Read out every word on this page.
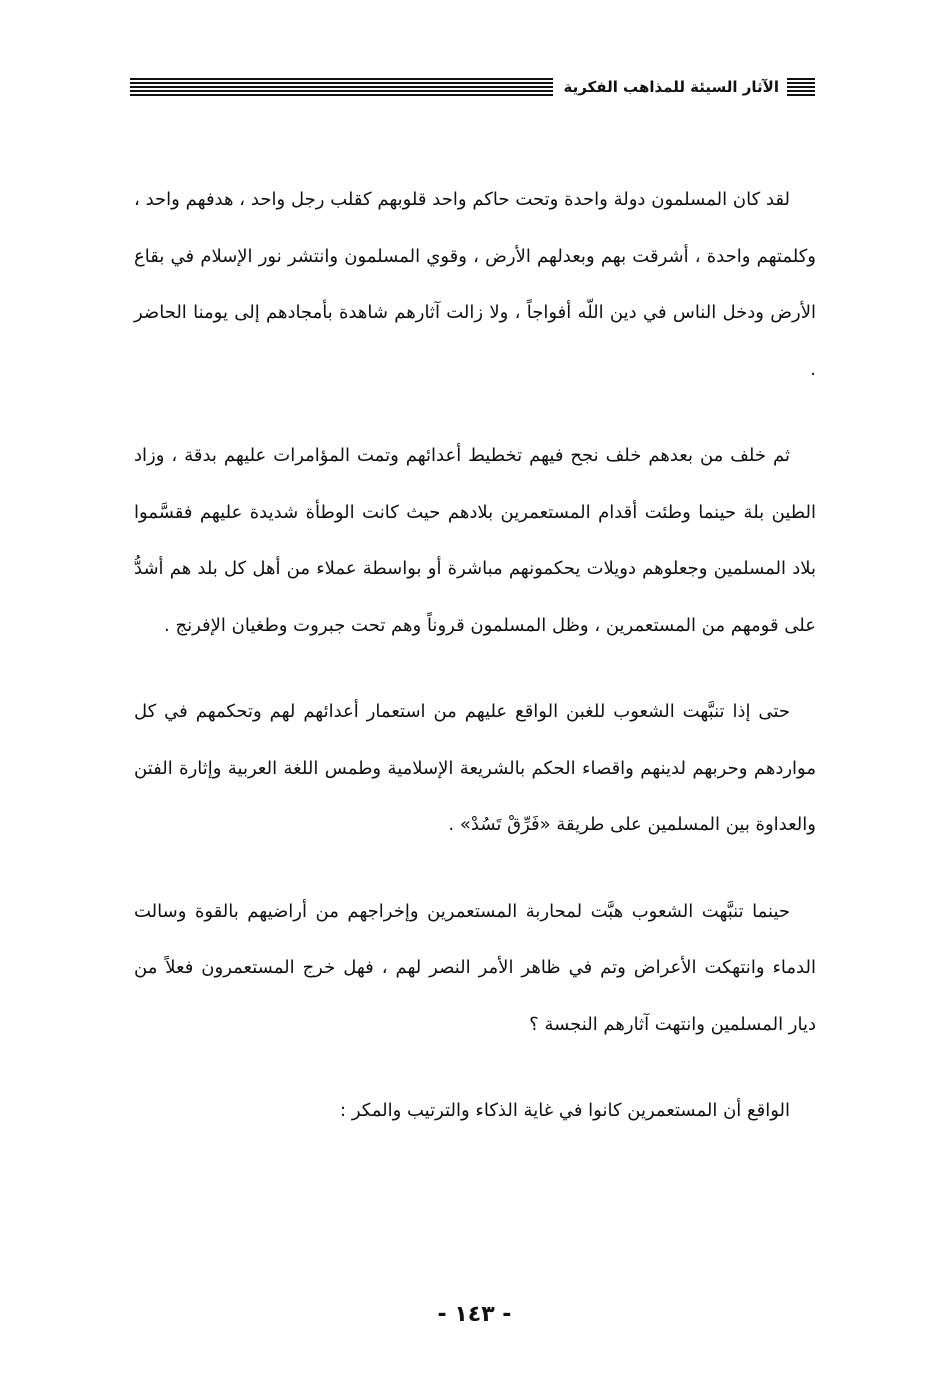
الآثار السيئة للمذاهب الفكرية

لقد كان المسلمون دولة واحدة وتحت حاكم واحد قلوبهم كقلب رجل واحد ، هدفهم واحد ، وكلمتهم واحدة ، أشرقت بهم وبعدلهم الأرض ، وقوي المسلمون وانتشر نور الإسلام في بقاع الأرض ودخل الناس في دين اللّه أفواجاً ، ولا زالت آثارهم شاهدة بأمجادهم إلى يومنا الحاضر .

ثم خلف من بعدهم خلف نجح فيهم تخطيط أعدائهم وتمت المؤامرات عليهم بدقة ، وزاد الطين بلة حينما وطئت أقدام المستعمرين بلادهم حيث كانت الوطأة شديدة عليهم فقسَّموا بلاد المسلمين وجعلوهم دويلات يحكمونهم مباشرة أو بواسطة عملاء من أهل كل بلد هم أشدُّ على قومهم من المستعمرين ، وظل المسلمون قروناً وهم تحت جبروت وطغيان الإفرنج .

حتى إذا تنبَّهت الشعوب للغبن الواقع عليهم من استعمار أعدائهم لهم وتحكمهم في كل مواردهم وحربهم لدينهم واقصاء الحكم بالشريعة الإسلامية وطمس اللغة العربية وإثارة الفتن والعداوة بين المسلمين على طريقة «فَرِّقْ تَسُدْ» .

حينما تنبَّهت الشعوب هبَّت لمحاربة المستعمرين وإخراجهم من أراضيهم بالقوة وسالت الدماء وانتهكت الأعراض وتم في ظاهر الأمر النصر لهم ، فهل خرج المستعمرون فعلاً من ديار المسلمين وانتهت آثارهم النجسة ؟

الواقع أن المستعمرين كانوا في غاية الذكاء والترتيب والمكر :

- ١٤٣ -
